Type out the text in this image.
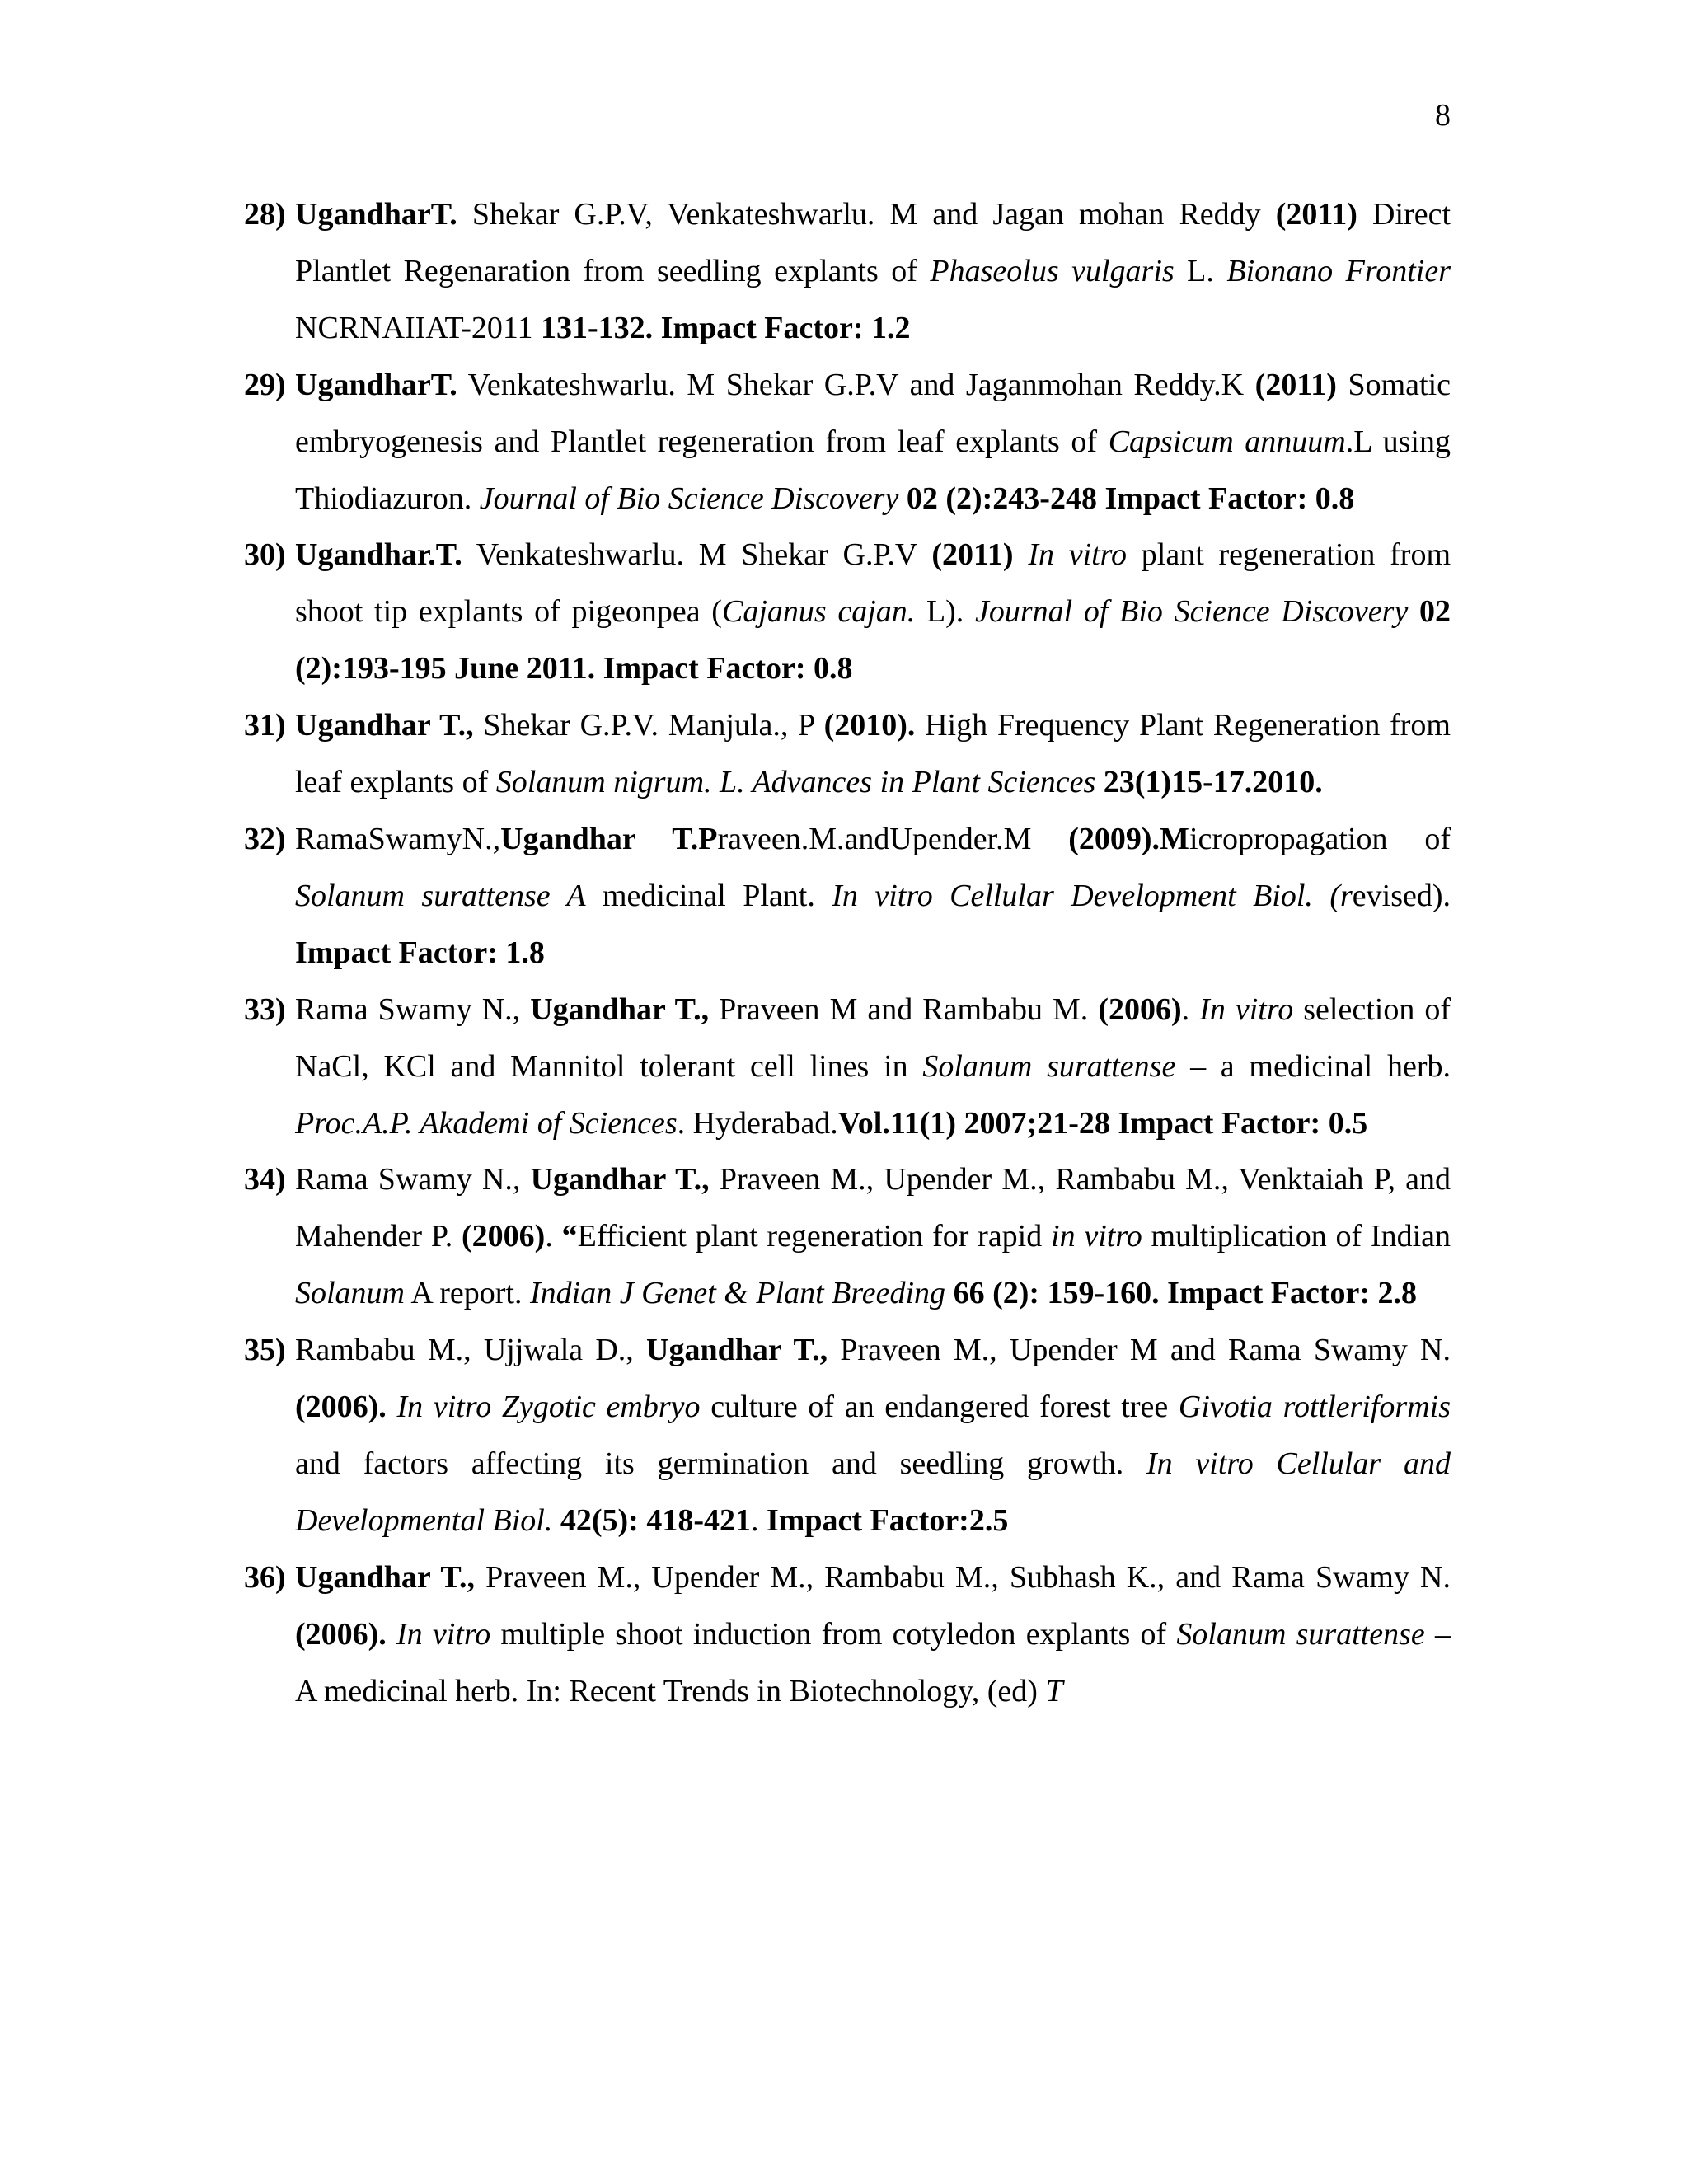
8
28) UgandharT. Shekar G.P.V, Venkateshwarlu. M and Jagan mohan Reddy (2011) Direct Plantlet Regenaration from seedling explants of Phaseolus vulgaris L. Bionano Frontier NCRNAIIAT-2011 131-132. Impact Factor: 1.2
29) UgandharT. Venkateshwarlu. M Shekar G.P.V and Jaganmohan Reddy.K (2011) Somatic embryogenesis and Plantlet regeneration from leaf explants of Capsicum annuum.L using Thiodiazuron. Journal of Bio Science Discovery 02 (2):243-248 Impact Factor: 0.8
30) Ugandhar.T. Venkateshwarlu. M Shekar G.P.V (2011) In vitro plant regeneration from shoot tip explants of pigeonpea (Cajanus cajan. L). Journal of Bio Science Discovery 02 (2):193-195 June 2011. Impact Factor: 0.8
31) Ugandhar T., Shekar G.P.V. Manjula., P (2010). High Frequency Plant Regeneration from leaf explants of Solanum nigrum. L. Advances in Plant Sciences 23(1)15-17.2010.
32) RamaSwamyN.,Ugandhar T.Praveen.M.andUpender.M (2009).Micropropagation of Solanum surattense A medicinal Plant. In vitro Cellular Development Biol. (revised). Impact Factor: 1.8
33) Rama Swamy N., Ugandhar T., Praveen M and Rambabu M. (2006). In vitro selection of NaCl, KCl and Mannitol tolerant cell lines in Solanum surattense – a medicinal herb. Proc.A.P. Akademi of Sciences. Hyderabad.Vol.11(1) 2007;21-28 Impact Factor: 0.5
34) Rama Swamy N., Ugandhar T., Praveen M., Upender M., Rambabu M., Venktaiah P, and Mahender P. (2006). “Efficient plant regeneration for rapid in vitro multiplication of Indian Solanum A report. Indian J Genet & Plant Breeding 66 (2): 159-160. Impact Factor: 2.8
35) Rambabu M., Ujjwala D., Ugandhar T., Praveen M., Upender M and Rama Swamy N. (2006). In vitro Zygotic embryo culture of an endangered forest tree Givotia rottleriformis and factors affecting its germination and seedling growth. In vitro Cellular and Developmental Biol. 42(5): 418-421. Impact Factor:2.5
36) Ugandhar T., Praveen M., Upender M., Rambabu M., Subhash K., and Rama Swamy N. (2006). In vitro multiple shoot induction from cotyledon explants of Solanum surattense – A medicinal herb. In: Recent Trends in Biotechnology, (ed) T
